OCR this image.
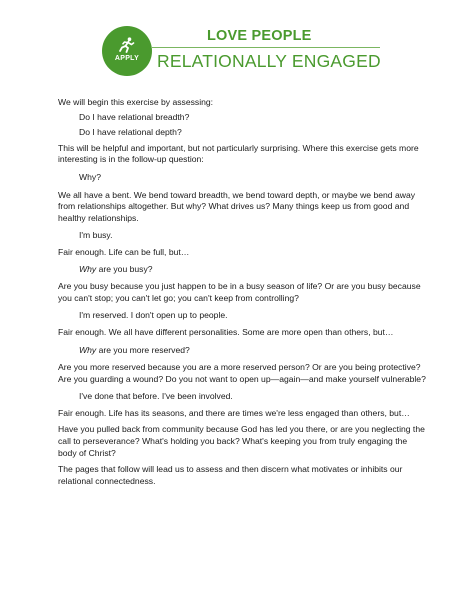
APPLY
LOVE PEOPLE
RELATIONALLY ENGAGED

We will begin this exercise by assessing:

Do I have relational breadth?

Do I have relational depth?

This will be helpful and important, but not particularly surprising. Where this exercise gets more interesting is in the follow-up question:

Why?

We all have a bent. We bend toward breadth, we bend toward depth, or maybe we bend away from relationships altogether. But why? What drives us? Many things keep us from good and healthy relationships.

I'm busy.

Fair enough. Life can be full, but…

Why are you busy?

Are you busy because you just happen to be in a busy season of life? Or are you busy because you can't stop; you can't let go; you can't keep from controlling?

I'm reserved. I don't open up to people.

Fair enough. We all have different personalities. Some are more open than others, but…

Why are you more reserved?

Are you more reserved because you are a more reserved person? Or are you being protective? Are you guarding a wound? Do you not want to open up—again—and make yourself vulnerable?

I've done that before. I've been involved.

Fair enough. Life has its seasons, and there are times we're less engaged than others, but…

Have you pulled back from community because God has led you there, or are you neglecting the call to perseverance? What's holding you back? What's keeping you from truly engaging the body of Christ?

The pages that follow will lead us to assess and then discern what motivates or inhibits our relational connectedness.
